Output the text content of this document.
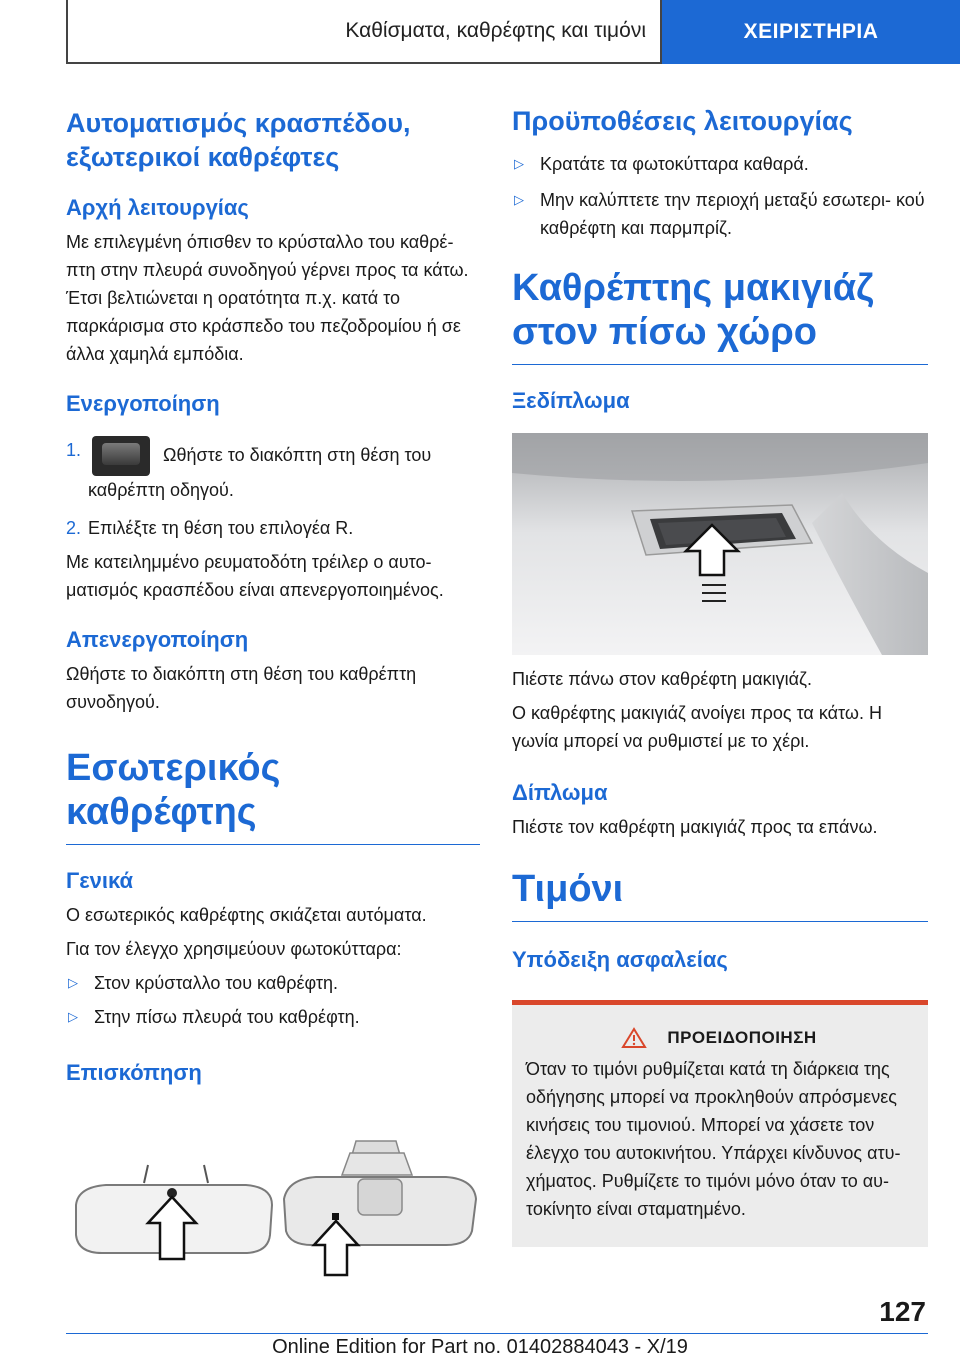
Καθίσματα, καθρέφτης και τιμόνι	ΧΕΙΡΙΣΤΗΡΙΑ
Αυτοματισμός κρασπέδου, εξωτερικοί καθρέφτες
Αρχή λειτουργίας
Με επιλεγμένη όπισθεν το κρύσταλλο του καθρέ- πτη στην πλευρά συνοδηγού γέρνει προς τα κάτω. Έτσι βελτιώνεται η ορατότητα π.χ. κατά το παρκάρισμα στο κράσπεδο του πεζοδρομίου ή σε άλλα χαμηλά εμπόδια.
Ενεργοποίηση
1.	Ωθήστε το διακόπτη στη θέση του καθρέπτη οδηγού.
2. Επιλέξτε τη θέση του επιλογέα R.
Με κατειλημμένο ρευματοδότη τρέιλερ ο αυτο- ματισμός κρασπέδου είναι απενεργοποιημένος.
Απενεργοποίηση
Ωθήστε το διακόπτη στη θέση του καθρέπτη συνοδηγού.
Εσωτερικός καθρέφτης
Γενικά
Ο εσωτερικός καθρέφτης σκιάζεται αυτόματα.
Για τον έλεγχο χρησιμεύουν φωτοκύτταρα:
▷ Στον κρύσταλλο του καθρέφτη.
▷ Στην πίσω πλευρά του καθρέφτη.
Επισκόπηση
Προϋποθέσεις λειτουργίας
▷ Κρατάτε τα φωτοκύτταρα καθαρά.
▷ Μην καλύπτετε την περιοχή μεταξύ εσωτερι- κού καθρέφτη και παρμπρίζ.
Καθρέπτης μακιγιάζ στον πίσω χώρο
Ξεδίπλωμα
Πιέστε πάνω στον καθρέφτη μακιγιάζ.
Ο καθρέφτης μακιγιάζ ανοίγει προς τα κάτω. Η γωνία μπορεί να ρυθμιστεί με το χέρι.
Δίπλωμα
Πιέστε τον καθρέφτη μακιγιάζ προς τα επάνω.
Τιμόνι
Υπόδειξη ασφαλείας
ΠΡΟΕΙΔΟΠΟΙΗΣΗ
Όταν το τιμόνι ρυθμίζεται κατά τη διάρκεια της οδήγησης μπορεί να προκληθούν απρόσμενες κινήσεις του τιμονιού. Μπορεί να χάσετε τον έλεγχο του αυτοκινήτου. Υπάρχει κίνδυνος ατυ- χήματος. Ρυθμίζετε το τιμόνι μόνο όταν το αυ- τοκίνητο είναι σταματημένο.
127
Online Edition for Part no. 01402884043 - X/19
